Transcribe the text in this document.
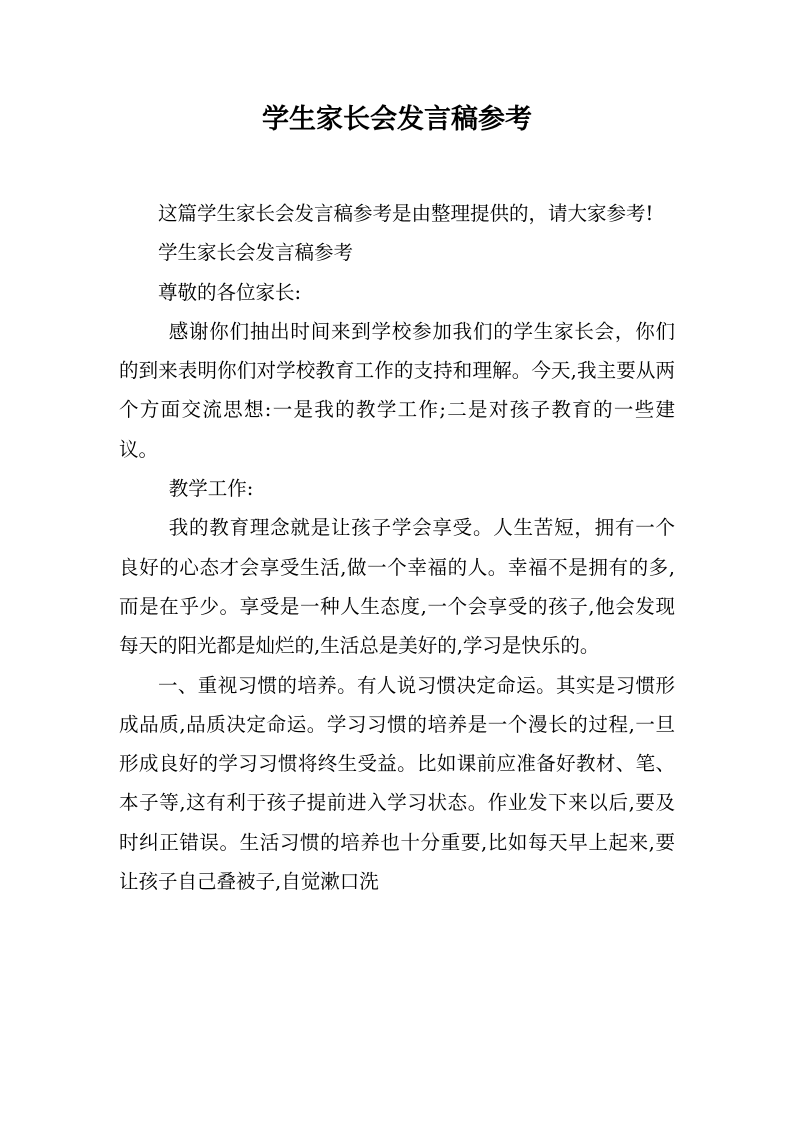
学生家长会发言稿参考

这篇学生家长会发言稿参考是由整理提供的，请大家参考!

学生家长会发言稿参考

尊敬的各位家长:

感谢你们抽出时间来到学校参加我们的学生家长会，你们的到来表明你们对学校教育工作的支持和理解。今天,我主要从两个方面交流思想:一是我的教学工作;二是对孩子教育的一些建议。

教学工作:

我的教育理念就是让孩子学会享受。人生苦短，拥有一个良好的心态才会享受生活,做一个幸福的人。幸福不是拥有的多,而是在乎少。享受是一种人生态度,一个会享受的孩子,他会发现每天的阳光都是灿烂的,生活总是美好的,学习是快乐的。

一、重视习惯的培养。有人说习惯决定命运。其实是习惯形成品质,品质决定命运。学习习惯的培养是一个漫长的过程,一旦形成良好的学习习惯将终生受益。比如课前应准备好教材、笔、本子等,这有利于孩子提前进入学习状态。作业发下来以后,要及时纠正错误。生活习惯的培养也十分重要,比如每天早上起来,要让孩子自己叠被子,自觉漱口洗
